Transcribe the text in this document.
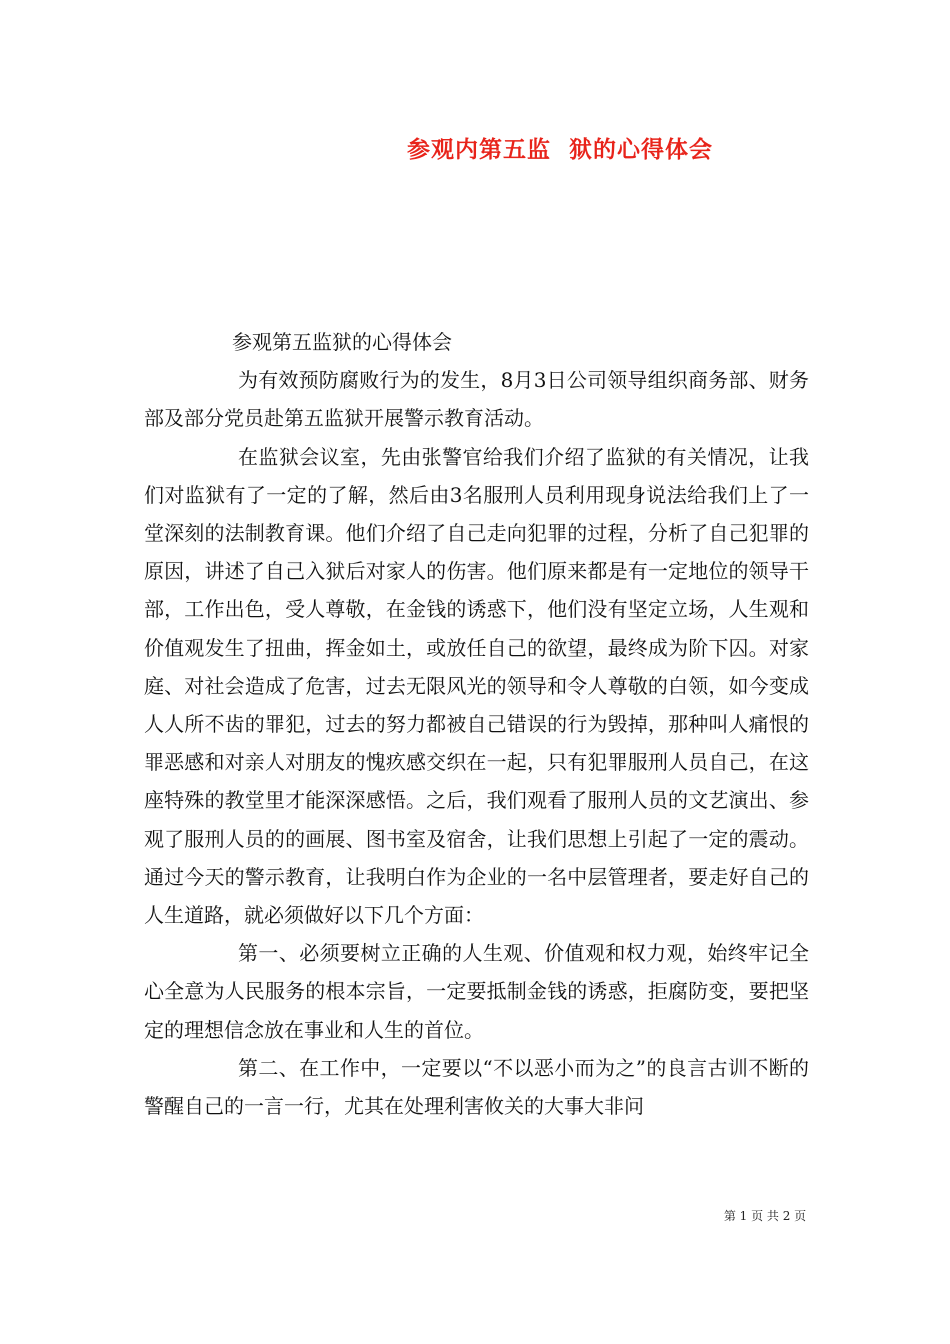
参观内第五监  狱的心得体会

参观第五监狱的心得体会

为有效预防腐败行为的发生，8月3日公司领导组织商务部、财务部及部分党员赴第五监狱开展警示教育活动。

在监狱会议室，先由张警官给我们介绍了监狱的有关情况，让我们对监狱有了一定的了解，然后由3名服刑人员利用现身说法给我们上了一堂深刻的法制教育课。他们介绍了自己走向犯罪的过程，分析了自己犯罪的原因，讲述了自己入狱后对家人的伤害。他们原来都是有一定地位的领导干部，工作出色，受人尊敬，在金钱的诱惑下，他们没有坚定立场，人生观和价值观发生了扭曲，挥金如土，或放任自己的欲望，最终成为阶下囚。对家庭、对社会造成了危害，过去无限风光的领导和令人尊敬的白领，如今变成人人所不齿的罪犯，过去的努力都被自己错误的行为毁掉，那种叫人痛恨的罪恶感和对亲人对朋友的愧疚感交织在一起，只有犯罪服刑人员自己，在这座特殊的教堂里才能深深感悟。之后，我们观看了服刑人员的文艺演出、参观了服刑人员的的画展、图书室及宿舍，让我们思想上引起了一定的震动。通过今天的警示教育，让我明白作为企业的一名中层管理者，要走好自己的人生道路，就必须做好以下几个方面：

第一、必须要树立正确的人生观、价值观和权力观，始终牢记全心全意为人民服务的根本宗旨，一定要抵制金钱的诱惑，拒腐防变，要把坚定的理想信念放在事业和人生的首位。

第二、在工作中，一定要以“不以恶小而为之”的良言古训不断的警醒自己的一言一行，尤其在处理利害攸关的大事大非问

第 1 页 共 2 页
